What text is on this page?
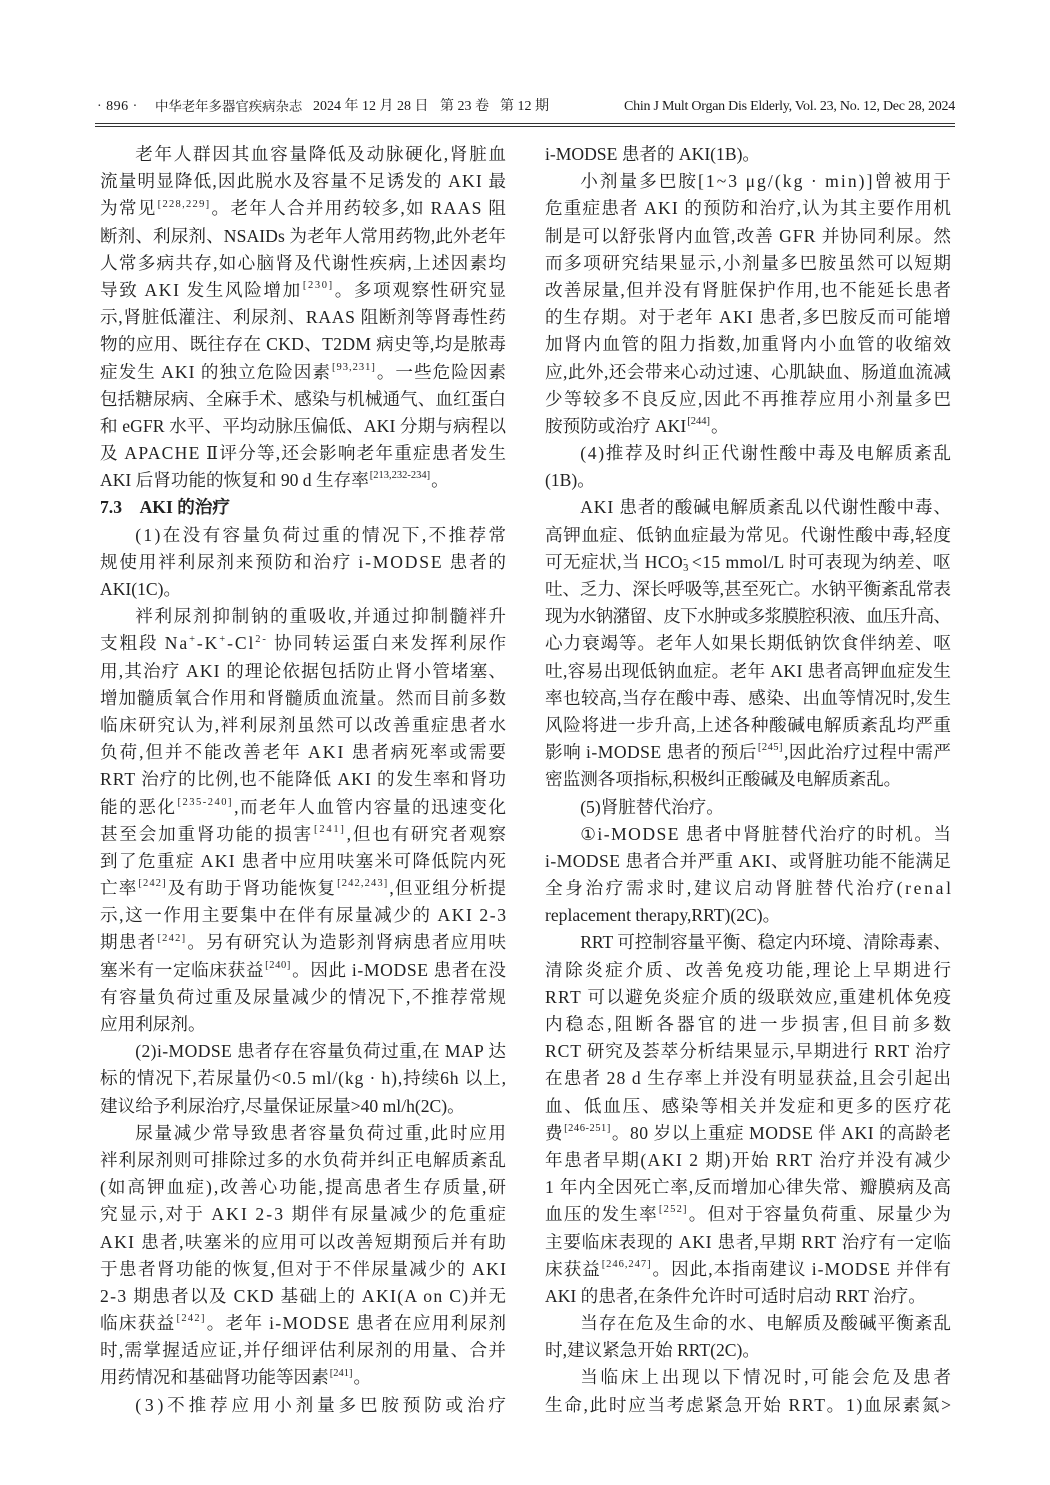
· 896 · 中华老年多器官疾病杂志 2024 年 12 月 28 日 第 23 卷 第 12 期	Chin J Mult Organ Dis Elderly, Vol. 23, No. 12, Dec 28, 2024
老年人群因其血容量降低及动脉硬化,肾脏血
流量明显降低,因此脱水及容量不足诱发的 AKI 最
为常见[228,229]。老年人合并用药较多,如 RAAS 阻
断剂、利尿剂、NSAIDs 为老年人常用药物,此外老年
人常多病共存,如心脑肾及代谢性疾病,上述因素均
导致 AKI 发生风险增加[230]。多项观察性研究显
示,肾脏低灌注、利尿剂、RAAS 阻断剂等肾毒性药
物的应用、既往存在 CKD、T2DM 病史等,均是脓毒
症发生 AKI 的独立危险因素[93,231]。一些危险因素
包括糖尿病、全麻手术、感染与机械通气、血红蛋白
和 eGFR 水平、平均动脉压偏低、AKI 分期与病程以
及 APACHE Ⅱ评分等,还会影响老年重症患者发生
AKI 后肾功能的恢复和 90 d 生存率[213,232-234]。
7.3 AKI 的治疗
(1)在没有容量负荷过重的情况下,不推荐常
规使用袢利尿剂来预防和治疗 i-MODSE 患者的
AKI(1C)。
袢利尿剂抑制钠的重吸收,并通过抑制髓袢升
支粗段 $Na^+-K^+-Cl^{2-}$ 协同转运蛋白来发挥利尿作
用,其治疗 AKI 的理论依据包括防止肾小管堵塞、
增加髓质氧合作用和肾髓质血流量。然而目前多数
临床研究认为,袢利尿剂虽然可以改善重症患者水
负荷,但并不能改善老年 AKI 患者病死率或需要
RRT 治疗的比例,也不能降低 AKI 的发生率和肾功
能的恶化[235-240],而老年人血管内容量的迅速变化
甚至会加重肾功能的损害[241],但也有研究者观察
到了危重症 AKI 患者中应用呋塞米可降低院内死
亡率[242]及有助于肾功能恢复[242,243],但亚组分析提
示,这一作用主要集中在伴有尿量减少的 AKI 2-3
期患者[242]。另有研究认为造影剂肾病患者应用呋
塞米有一定临床获益[240]。因此 i-MODSE 患者在没
有容量负荷过重及尿量减少的情况下,不推荐常规
应用利尿剂。
(2)i-MODSE 患者存在容量负荷过重,在 MAP 达
标的情况下,若尿量仍<0.5 ml/(kg · h),持续6h 以上,
建议给予利尿治疗,尽量保证尿量>40 ml/h(2C)。
尿量减少常导致患者容量负荷过重,此时应用
袢利尿剂则可排除过多的水负荷并纠正电解质紊乱
(如高钾血症),改善心功能,提高患者生存质量,研
究显示,对于 AKI 2-3 期伴有尿量减少的危重症
AKI 患者,呋塞米的应用可以改善短期预后并有助
于患者肾功能的恢复,但对于不伴尿量减少的 AKI
2-3 期患者以及 CKD 基础上的 AKI(A on C)并无
临床获益[242]。老年 i-MODSE 患者在应用利尿剂
时,需掌握适应证,并仔细评估利尿剂的用量、合并
用药情况和基础肾功能等因素[241]。
(3)不推荐应用小剂量多巴胺预防或治疗
i-MODSE 患者的 AKI(1B)。
小剂量多巴胺[1~3 μg/(kg · min)]曾被用于
危重症患者 AKI 的预防和治疗,认为其主要作用机
制是可以舒张肾内血管,改善 GFR 并协同利尿。然
而多项研究结果显示,小剂量多巴胺虽然可以短期
改善尿量,但并没有肾脏保护作用,也不能延长患者
的生存期。对于老年 AKI 患者,多巴胺反而可能增
加肾内血管的阻力指数,加重肾内小血管的收缩效
应,此外,还会带来心动过速、心肌缺血、肠道血流减
少等较多不良反应,因此不再推荐应用小剂量多巴
胺预防或治疗 AKI[244]。
(4)推荐及时纠正代谢性酸中毒及电解质紊乱
(1B)。
AKI 患者的酸碱电解质紊乱以代谢性酸中毒、
高钾血症、低钠血症最为常见。代谢性酸中毒,轻度
可无症状,当 HCO -
3 <15 mmol/L 时可表现为纳差、呕
吐、乏力、深长呼吸等,甚至死亡。水钠平衡紊乱常表
现为水钠潴留、皮下水肿或多浆膜腔积液、血压升高、
心力衰竭等。老年人如果长期低钠饮食伴纳差、呕
吐,容易出现低钠血症。老年 AKI 患者高钾血症发生
率也较高,当存在酸中毒、感染、出血等情况时,发生
风险将进一步升高,上述各种酸碱电解质紊乱均严重
影响 i-MODSE 患者的预后[245],因此治疗过程中需严
密监测各项指标,积极纠正酸碱及电解质紊乱。
(5)肾脏替代治疗。
①i-MODSE 患者中肾脏替代治疗的时机。当
i-MODSE 患者合并严重 AKI、或肾脏功能不能满足
全身治疗需求时,建议启动肾脏替代治疗(renal
replacement therapy,RRT)(2C)。
RRT 可控制容量平衡、稳定内环境、清除毒素、
清除炎症介质、改善免疫功能,理论上早期进行
RRT 可以避免炎症介质的级联效应,重建机体免疫
内稳态,阻断各器官的进一步损害,但目前多数
RCT 研究及荟萃分析结果显示,早期进行 RRT 治疗
在患者 28 d 生存率上并没有明显获益,且会引起出
血、低血压、感染等相关并发症和更多的医疗花
费[246-251]。80 岁以上重症 MODSE 伴 AKI 的高龄老
年患者早期(AKI 2 期)开始 RRT 治疗并没有减少
1 年内全因死亡率,反而增加心律失常、瓣膜病及高
血压的发生率[252]。但对于容量负荷重、尿量少为
主要临床表现的 AKI 患者,早期 RRT 治疗有一定临
床获益[246,247]。因此,本指南建议 i-MODSE 并伴有
AKI 的患者,在条件允许时可适时启动 RRT 治疗。
当存在危及生命的水、电解质及酸碱平衡紊乱
时,建议紧急开始 RRT(2C)。
当临床上出现以下情况时,可能会危及患者
生命,此时应当考虑紧急开始 RRT。1)血尿素氮>
